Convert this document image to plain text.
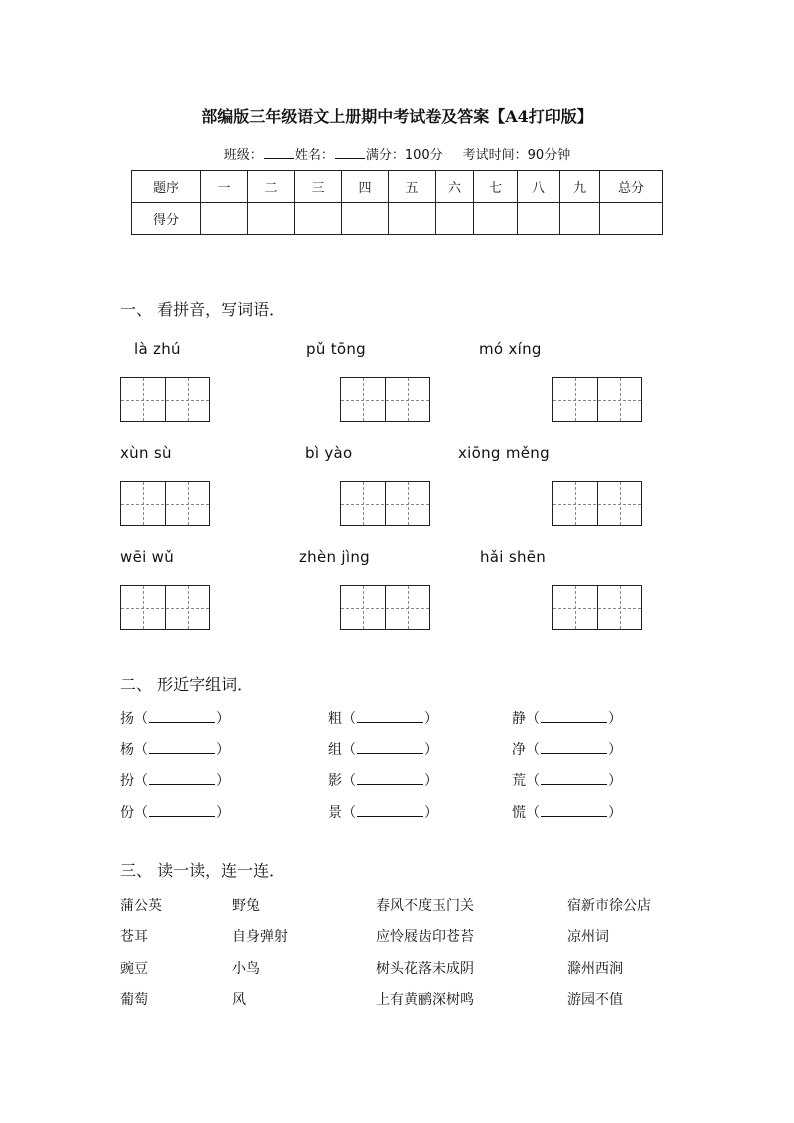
部编版三年级语文上册期中考试卷及答案【A4打印版】
班级： 姓名： 满分：100分 考试时间：90分钟
题序	一	二	三	四	五	六	七	八	九	总分
得分										
一、 看拼音，写词语．
là zhú	pǔ tōng	mó xíng
xùn sù	bì yào	xiōng měng
wēi wǔ	zhèn jìng	hǎi shēn
二、 形近字组词．
扬（	）	粗（	）	静（	）
杨（	）	组（	）	净（	）
扮（	）	影（	）	荒（	）
份（	）	景（	）	慌（	）
三、 读一读，连一连．
蒲公英	野兔	春风不度玉门关	宿新市徐公店
苍耳	自身弹射	应怜屐齿印苍苔	凉州词
豌豆	小鸟	树头花落未成阴	滁州西涧
葡萄	风	上有黄鹂深树鸣	游园不值
